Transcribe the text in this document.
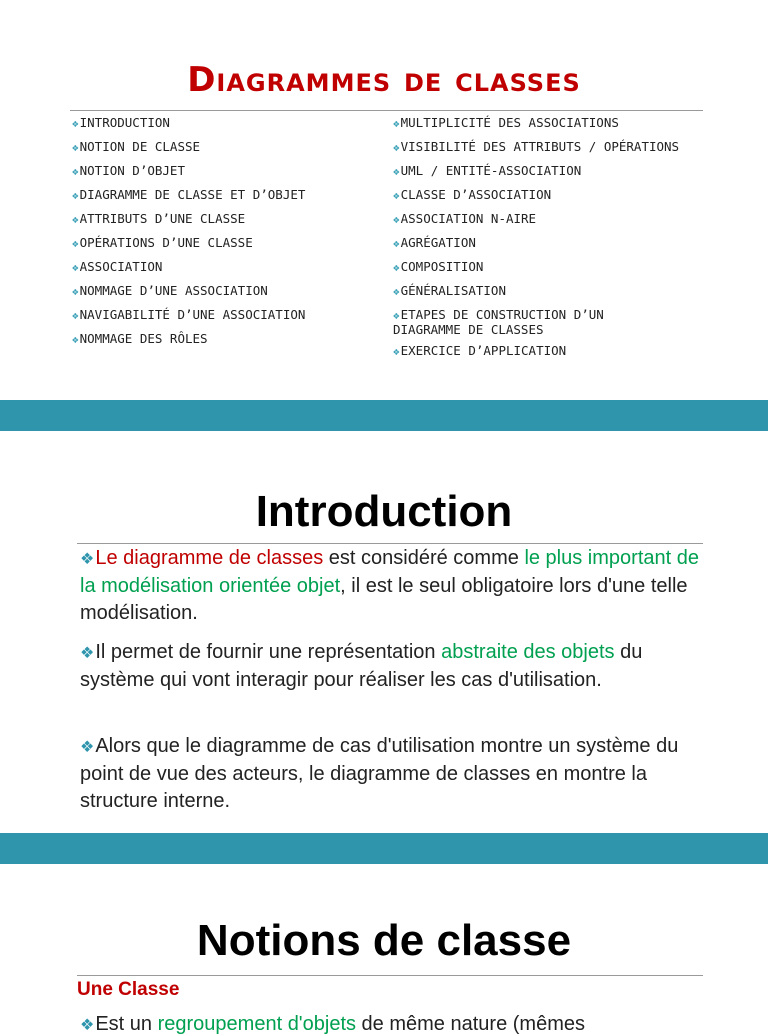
Diagrammes de classes
❖INTRODUCTION
❖NOTION DE CLASSE
❖NOTION D’OBJET
❖DIAGRAMME DE CLASSE ET D’OBJET
❖ATTRIBUTS D’UNE CLASSE
❖OPÉRATIONS D’UNE CLASSE
❖ASSOCIATION
❖NOMMAGE D’UNE ASSOCIATION
❖NAVIGABILITÉ D’UNE ASSOCIATION
❖NOMMAGE DES RÔLES
❖MULTIPLICITÉ DES ASSOCIATIONS
❖VISIBILITÉ DES ATTRIBUTS / OPÉRATIONS
❖UML / ENTITÉ-ASSOCIATION
❖CLASSE D’ASSOCIATION
❖ASSOCIATION N-AIRE
❖AGRÉGATION
❖COMPOSITION
❖GÉNÉRALISATION
❖ETAPES DE CONSTRUCTION D’UN
DIAGRAMME DE CLASSES
❖EXERCICE D’APPLICATION
Introduction

❖Le diagramme de classes est considéré comme le plus important de la modélisation orientée objet, il est le seul obligatoire lors d'une telle modélisation.

❖Il permet de fournir une représentation abstraite des objets du système qui vont interagir pour réaliser les cas d'utilisation.

❖Alors que le diagramme de cas d'utilisation montre un système du point de vue des acteurs, le diagramme de classes en montre la structure interne.

Notions de classe
Une Classe
❖Est un regroupement d'objets de même nature (mêmes
